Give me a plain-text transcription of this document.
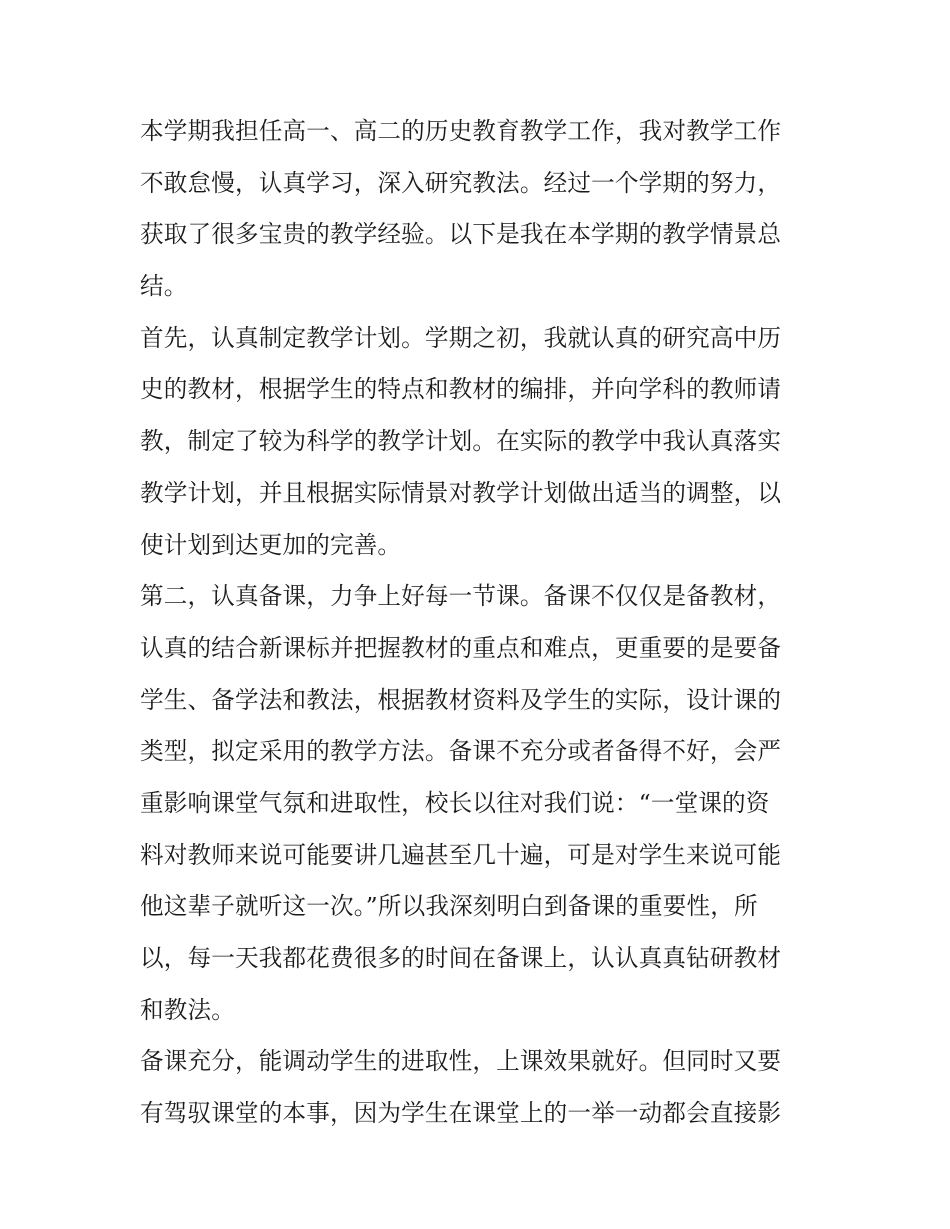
本学期我担任高一、高二的历史教育教学工作，我对教学工作
不敢怠慢，认真学习，深入研究教法。经过一个学期的努力，
获取了很多宝贵的教学经验。以下是我在本学期的教学情景总
结。
首先，认真制定教学计划。学期之初，我就认真的研究高中历
史的教材，根据学生的特点和教材的编排，并向学科的教师请
教，制定了较为科学的教学计划。在实际的教学中我认真落实
教学计划，并且根据实际情景对教学计划做出适当的调整，以
使计划到达更加的完善。
第二，认真备课，力争上好每一节课。备课不仅仅是备教材，
认真的结合新课标并把握教材的重点和难点，更重要的是要备
学生、备学法和教法，根据教材资料及学生的实际，设计课的
类型，拟定采用的教学方法。备课不充分或者备得不好，会严
重影响课堂气氛和进取性，校长以往对我们说：“一堂课的资
料对教师来说可能要讲几遍甚至几十遍，可是对学生来说可能
他这辈子就听这一次。”所以我深刻明白到备课的重要性，所
以，每一天我都花费很多的时间在备课上，认认真真钻研教材
和教法。
备课充分，能调动学生的进取性，上课效果就好。但同时又要
有驾驭课堂的本事，因为学生在课堂上的一举一动都会直接影
